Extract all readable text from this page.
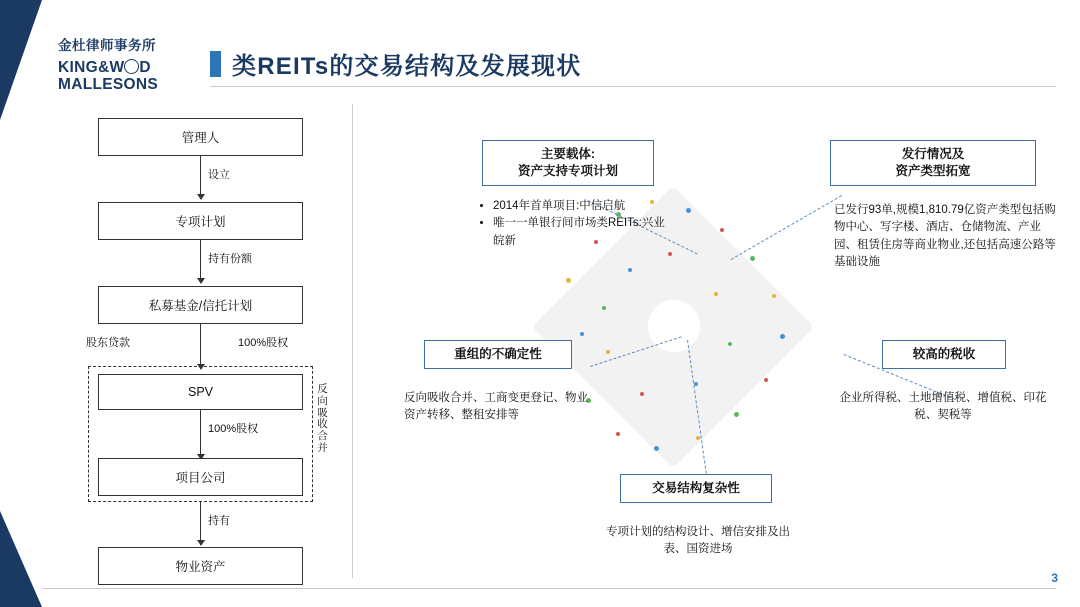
金杜律师事务所
KING&W D
MALLESONS
类REITs的交易结构及发展现状
管理人
设立
专项计划
持有份额
私募基金/信托计划
股东贷款	100%股权
反向吸收合并
SPV
100%股权
项目公司
持有
物业资产
主要载体:
资产支持专项计划
• 2014年首单项目:中信启航
• 唯一一单银行间市场类REITs:兴业皖新
发行情况及
资产类型拓宽
已发行93单,规模1,810.79亿资产类型包括购物中心、写字楼、酒店、仓储物流、产业园、租赁住房等商业物业,还包括高速公路等基础设施
重组的不确定性
反向吸收合并、工商变更登记、物业资产转移、整租安排等
较高的税收
企业所得税、土地增值税、增值税、印花税、契税等
交易结构复杂性
专项计划的结构设计、增信安排及出表、国资进场
3
